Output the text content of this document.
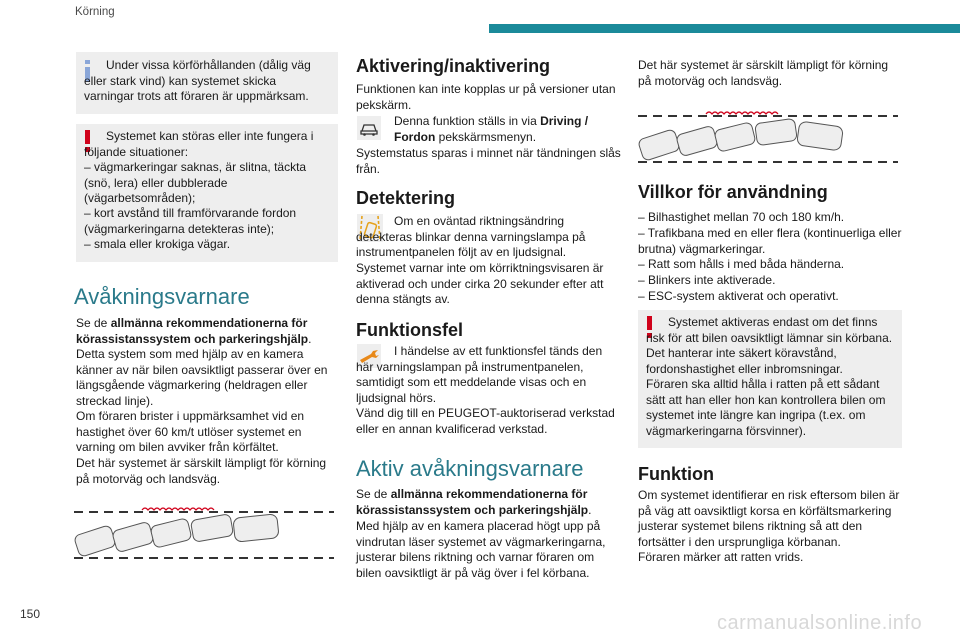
Körning
Under vissa körförhållanden (dålig väg eller stark vind) kan systemet skicka varningar trots att föraren är uppmärksam.
Systemet kan störas eller inte fungera i följande situationer:
– vägmarkeringar saknas, är slitna, täckta (snö, lera) eller dubblerade (vägarbetsområden);
– kort avstånd till framförvarande fordon (vägmarkeringarna detekteras inte);
– smala eller krokiga vägar.
Avåkningsvarnare
Se de allmänna rekommendationerna för körassistanssystem och parkeringshjälp.
Detta system som med hjälp av en kamera känner av när bilen oavsiktligt passerar över en längsgående vägmarkering (heldragen eller streckad linje).
Om föraren brister i uppmärksamhet vid en hastighet över 60 km/t utlöser systemet en varning om bilen avviker från körfältet.
Det här systemet är särskilt lämpligt för körning på motorväg och landsväg.
Aktivering/inaktivering
Funktionen kan inte kopplas ur på versioner utan pekskärm.
Denna funktion ställs in via Driving / Fordon pekskärmsmenyn.
Systemstatus sparas i minnet när tändningen slås från.
Detektering
Om en oväntad riktningsändring detekteras blinkar denna varningslampa på instrumentpanelen följt av en ljudsignal.
Systemet varnar inte om körriktningsvisaren är aktiverad och under cirka 20 sekunder efter att denna stängts av.
Funktionsfel
I händelse av ett funktionsfel tänds den här varningslampan på instrumentpanelen, samtidigt som ett meddelande visas och en ljudsignal hörs.
Vänd dig till en PEUGEOT-auktoriserad verkstad eller en annan kvalificerad verkstad.
Aktiv avåkningsvarnare
Se de allmänna rekommendationerna för körassistanssystem och parkeringshjälp.
Med hjälp av en kamera placerad högt upp på vindrutan läser systemet av vägmarkeringarna, justerar bilens riktning och varnar föraren om bilen oavsiktligt är på väg över i fel körbana.
Det här systemet är särskilt lämpligt för körning på motorväg och landsväg.
Villkor för användning
– Bilhastighet mellan 70 och 180 km/h.
– Trafikbana med en eller flera (kontinuerliga eller brutna) vägmarkeringar.
– Ratt som hålls i med båda händerna.
– Blinkers inte aktiverade.
– ESC-system aktiverat och operativt.
Systemet aktiveras endast om det finns risk för att bilen oavsiktligt lämnar sin körbana. Det hanterar inte säkert köravstånd, fordonshastighet eller inbromsningar.
Föraren ska alltid hålla i ratten på ett sådant sätt att han eller hon kan kontrollera bilen om systemet inte längre kan ingripa (t.ex. om vägmarkeringarna försvinner).
Funktion
Om systemet identifierar en risk eftersom bilen är på väg att oavsiktligt korsa en körfältsmarkering justerar systemet bilens riktning så att den fortsätter i den ursprungliga körbanan.
Föraren märker att ratten vrids.
150	carmanualsonline.info
